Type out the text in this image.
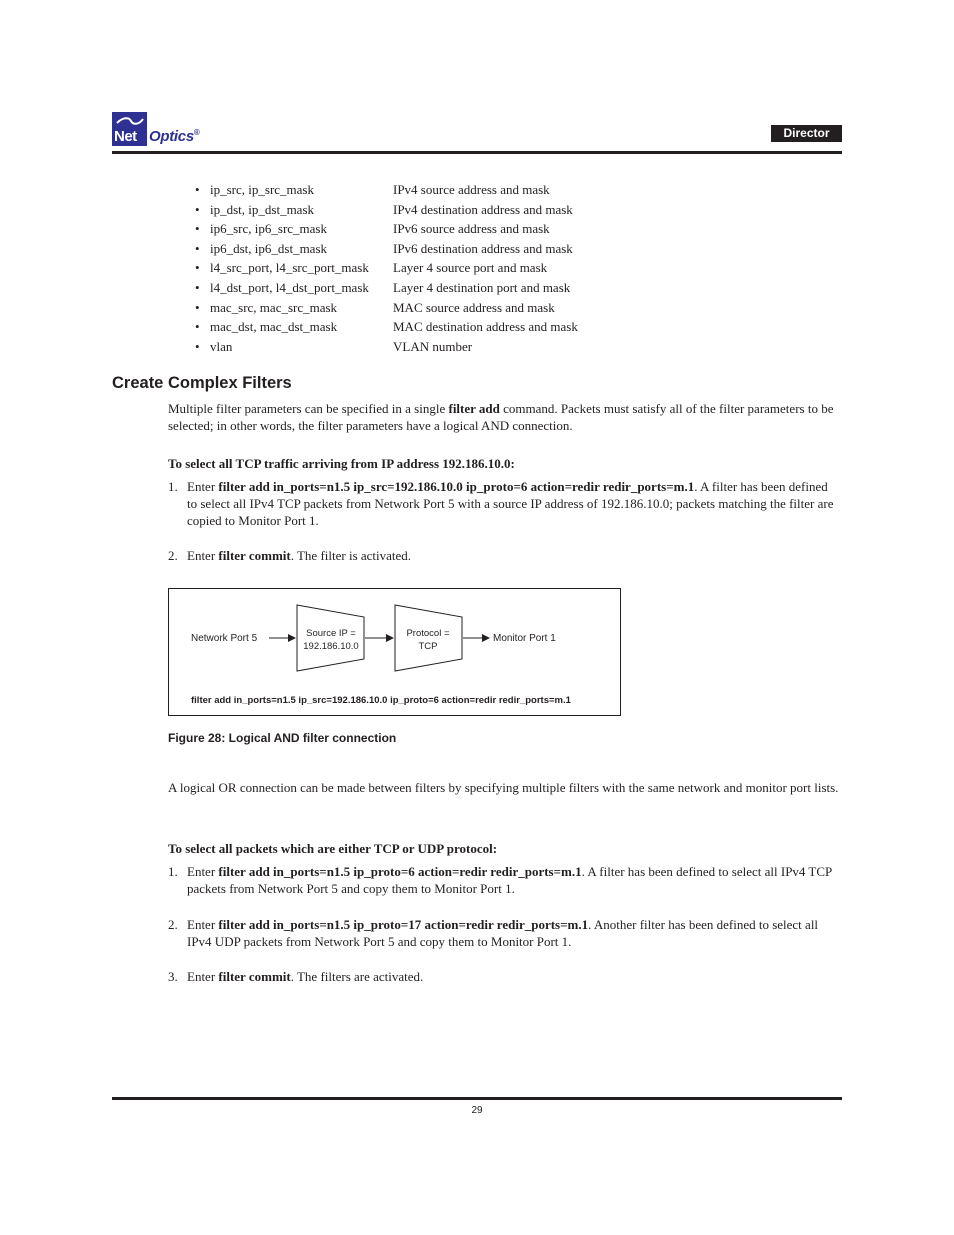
Net Optics®	Director
• ip_src, ip_src_mask	IPv4 source address and mask
• ip_dst, ip_dst_mask	IPv4 destination address and mask
• ip6_src, ip6_src_mask	IPv6 source address and mask
• ip6_dst, ip6_dst_mask	IPv6 destination address and mask
• l4_src_port, l4_src_port_mask Layer 4 source port and mask
• l4_dst_port, l4_dst_port_mask Layer 4 destination port and mask
• mac_src, mac_src_mask	MAC source address and mask
• mac_dst, mac_dst_mask	MAC destination address and mask
• vlan	VLAN number
Create Complex Filters

Multiple filter parameters can be specified in a single filter add command. Packets must satisfy all of the filter parameters to be selected; in other words, the filter parameters have a logical AND connection.

To select all TCP traffic arriving from IP address 192.186.10.0:

1. Enter filter add in_ports=n1.5 ip_src=192.186.10.0 ip_proto=6 action=redir redir_ports=m.1. A filter has been defined to select all IPv4 TCP packets from Network Port 5 with a source IP address of 192.186.10.0; packets matching the filter are copied to Monitor Port 1.
2. Enter filter commit. The filter is activated.
Network Port 5	Source IP =
192.186.10.0
Protocol =
TCP
Monitor Port 1
filter add in_ports=n1.5 ip_src=192.186.10.0 ip_proto=6 action=redir redir_ports=m.1
Figure 28: Logical AND filter connection

A logical OR connection can be made between filters by specifying multiple filters with the same network and monitor port lists.

To select all packets which are either TCP or UDP protocol:

1. Enter filter add in_ports=n1.5 ip_proto=6 action=redir redir_ports=m.1. A filter has been defined to select all IPv4 TCP packets from Network Port 5 and copy them to Monitor Port 1.
2. Enter filter add in_ports=n1.5 ip_proto=17 action=redir redir_ports=m.1. Another filter has been defined to select all IPv4 UDP packets from Network Port 5 and copy them to Monitor Port 1.
3. Enter filter commit. The filters are activated.
29
